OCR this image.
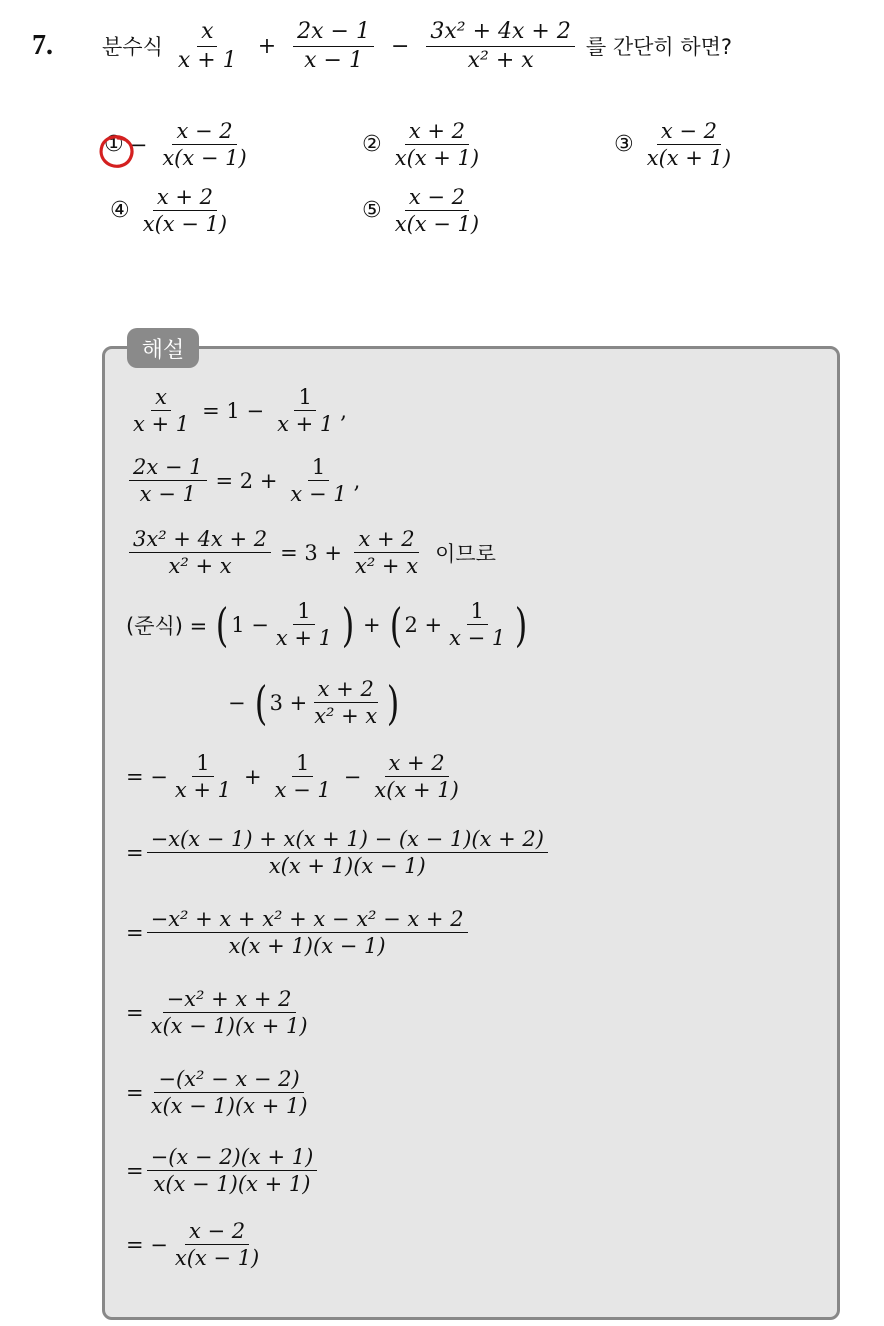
7. 분수식 $\frac{x}{x + 1} + \frac{2x - 1}{x - 1} - \frac{\text{3x² + 4x + 2}}{\text{x² + x}}$ 를 간단히 하면?
① − $\frac{x - 2}{x(x - 1)}$	② $\frac{x + 2}{x(x + 1)}$	③ $\frac{x - 2}{x(x + 1)}$
④ $\frac{x + 2}{x(x - 1)}$	⑤ $\frac{x - 2}{x(x - 1)}$
해설
$\frac{x}{x + 1} = 1 - \frac{1}{x + 1}$ ,
$\frac{2x - 1}{x - 1} = 2 + \frac{1}{x - 1}$ ,
$\frac{\text{3x² + 4x + 2}}{\text{x² + x}} = 3 + \frac{x + 2}{\text{x² + x}}$ 이므로
(준식) = ( $1 - \frac{1}{x + 1}$ ) + ( $2 + \frac{1}{x - 1}$ )
− ( $3 + \frac{x + 2}{\text{x² + x}}$ )
= − $\frac{1}{x + 1} + \frac{1}{x - 1} - \frac{x + 2}{x(x + 1)}$
= $\frac{-x(x - 1) + x(x + 1) - (x - 1)(x + 2)}{x(x + 1)(x - 1)}$
= $\frac{\text{−x² + x + x² + x − x² − x + 2}}{x(x + 1)(x - 1)}$
= $\frac{\text{−x² + x + 2}}{x(x - 1)(x + 1)}$
= $\frac{\text{−(x² − x − 2)}}{x(x - 1)(x + 1)}$
= $\frac{-(x - 2)(x + 1)}{x(x - 1)(x + 1)}$
= − $\frac{x - 2}{x(x - 1)}$
